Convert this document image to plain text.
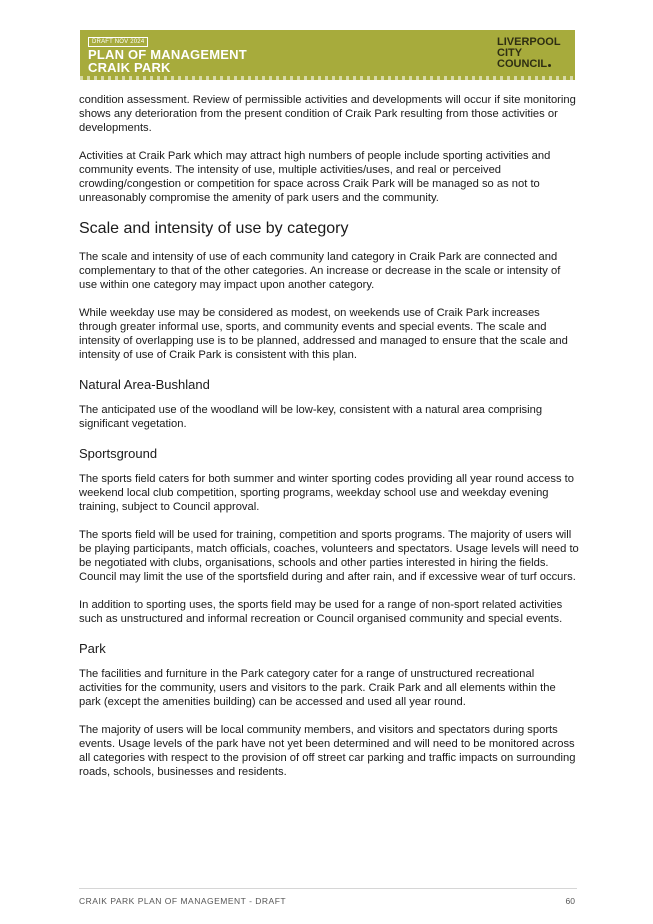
DRAFT NOV 2024
PLAN OF MANAGEMENT
CRAIK PARK
LIVERPOOL
CITY
COUNCIL

condition assessment. Review of permissible activities and developments will occur if site monitoring shows any deterioration from the present condition of Craik Park resulting from those activities or developments.

Activities at Craik Park which may attract high numbers of people include sporting activities and community events. The intensity of use, multiple activities/uses, and real or perceived crowding/congestion or competition for space across Craik Park will be managed so as not to unreasonably compromise the amenity of park users and the community.

Scale and intensity of use by category

The scale and intensity of use of each community land category in Craik Park are connected and complementary to that of the other categories. An increase or decrease in the scale or intensity of use within one category may impact upon another category.

While weekday use may be considered as modest, on weekends use of Craik Park increases through greater informal use, sports, and community events and special events. The scale and intensity of overlapping use is to be planned, addressed and managed to ensure that the scale and intensity of use of Craik Park is consistent with this plan.

Natural Area-Bushland

The anticipated use of the woodland will be low-key, consistent with a natural area comprising significant vegetation.

Sportsground

The sports field caters for both summer and winter sporting codes providing all year round access to weekend local club competition, sporting programs, weekday school use and weekday evening training, subject to Council approval.

The sports field will be used for training, competition and sports programs. The majority of users will be playing participants, match officials, coaches, volunteers and spectators. Usage levels will need to be negotiated with clubs, organisations, schools and other parties interested in hiring the fields. Council may limit the use of the sportsfield during and after rain, and if excessive wear of turf occurs.

In addition to sporting uses, the sports field may be used for a range of non-sport related activities such as unstructured and informal recreation or Council organised community and special events.

Park

The facilities and furniture in the Park category cater for a range of unstructured recreational activities for the community, users and visitors to the park. Craik Park and all elements within the park (except the amenities building) can be accessed and used all year round.

The majority of users will be local community members, and visitors and spectators during sports events. Usage levels of the park have not yet been determined and will need to be monitored across all categories with respect to the provision of off street car parking and traffic impacts on surrounding roads, schools, businesses and residents.

CRAIK PARK PLAN OF MANAGEMENT - DRAFT	60
